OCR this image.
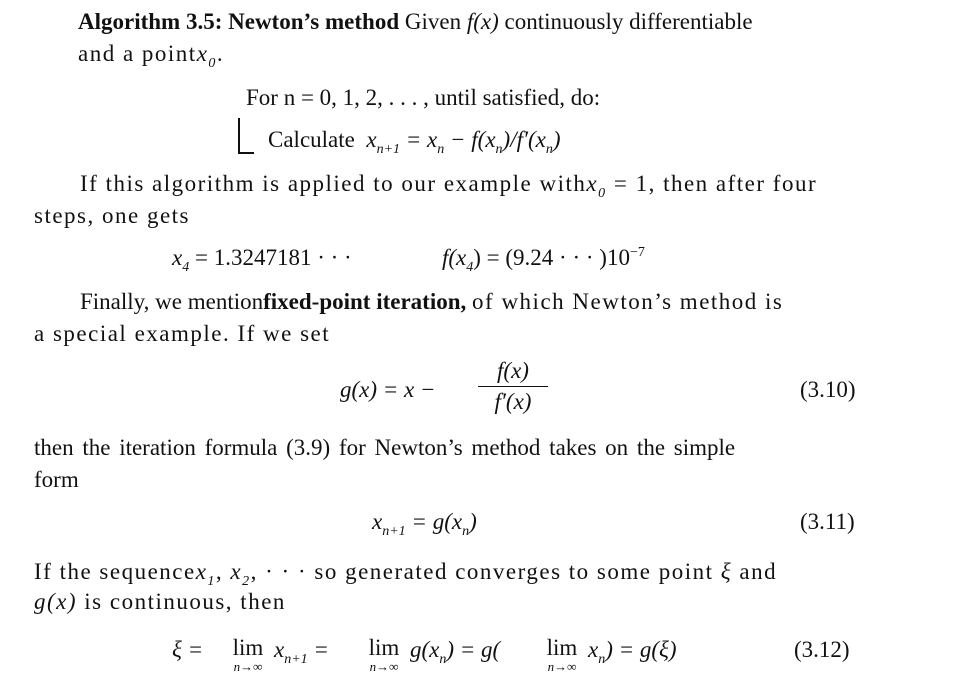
Algorithm 3.5: Newton’s method Given f(x) continuously differentiable
and a pointx$_0$.
For n = 0, 1, 2, . . . , until satisfied, do:
Calculate  $x_{n+1} = x_n - f(x_n)/f'(x_n)$
If this algorithm is applied to our example withx$_0$ = 1, then after four
steps, one gets
$x_4 = 1.3247181$ · · ·	$f(x_4) = (9.24$ · · · )$10^{-7}$
Finally, we mentionfixed-point iteration, of which Newton’s method is
a special example. If we set
g(x) = x −
f(x)
f′(x)	(3.10)
then the iteration formula (3.9) for Newton’s method takes on the simple
form
$x_{n+1} = g(x_n)$	(3.11)
If the sequencex$_1$, $x_2$, · · · so generated converges to some point ξ and
g(x) is continuous, then
ξ = lim
n→∞
$x_{n+1} = \lim$
n→∞
$g(x_n) = g$( lim
n→∞
$x_n) = g(\xi)$	(3.12)
